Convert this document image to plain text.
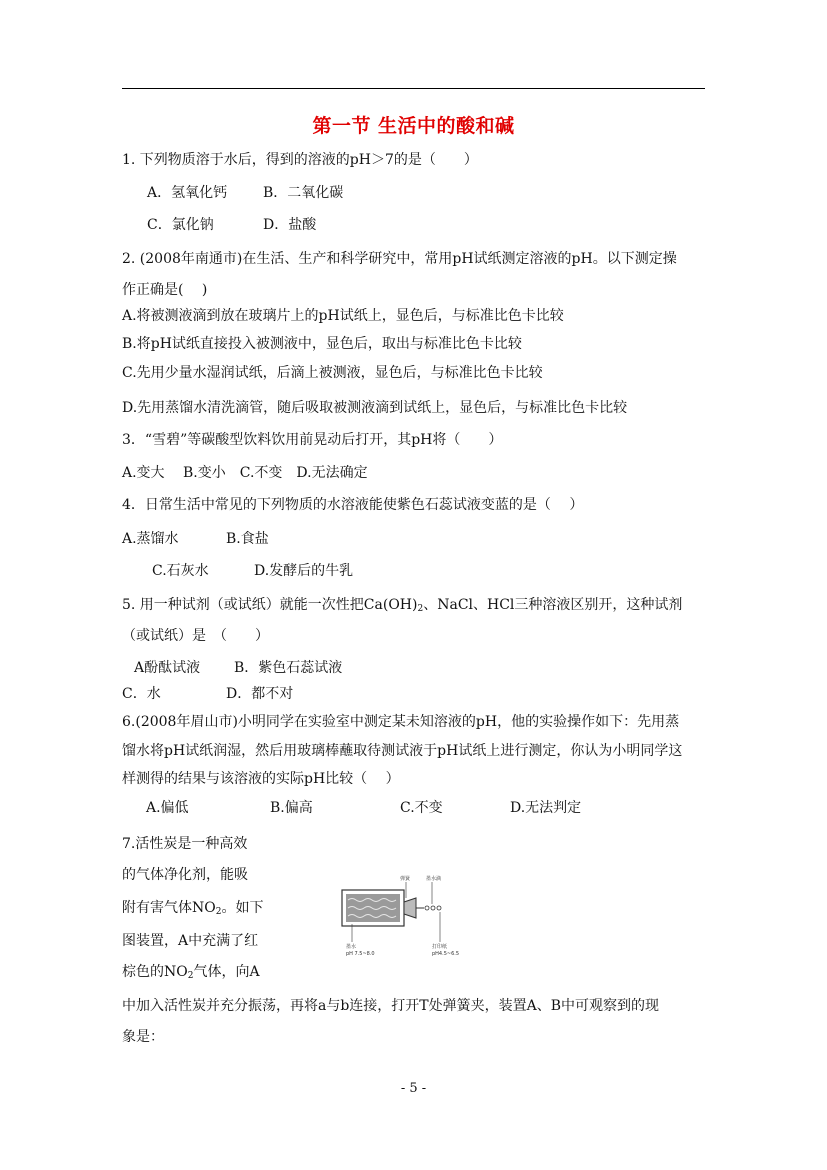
第一节 生活中的酸和碱
1. 下列物质溶于水后，得到的溶液的pH＞7的是（　　）
A．氢氧化钙	B．二氧化碳
C．氯化钠	D．盐酸
2. (2008年南通市)在生活、生产和科学研究中，常用pH试纸测定溶液的pH。以下测定操
作正确是(　 )
A.将被测液滴到放在玻璃片上的pH试纸上，显色后，与标准比色卡比较
B.将pH试纸直接投入被测液中，显色后，取出与标准比色卡比较
C.先用少量水湿润试纸，后滴上被测液，显色后，与标准比色卡比较
D.先用蒸馏水清洗滴管，随后吸取被测液滴到试纸上，显色后，与标准比色卡比较
3．“雪碧”等碳酸型饮料饮用前晃动后打开，其pH将（　　）
A.变大　 B.变小　C.不变　D.无法确定
4．日常生活中常见的下列物质的水溶液能使紫色石蕊试液变蓝的是（　 ）
A.蒸馏水	B.食盐
C.石灰水	D.发酵后的牛乳
5. 用一种试剂（或试纸）就能一次性把$Ca(OH)_2$、NaCl、HCl三种溶液区别开，这种试剂
（或试纸）是　（　　）
A酚酞试液 B．紫色石蕊试液
C．水	D．都不对
6.(2008年眉山市)小明同学在实验室中测定某未知溶液的pH，他的实验操作如下：先用蒸
馏水将pH试纸润湿，然后用玻璃棒蘸取待测试液于pH试纸上进行测定，你认为小明同学这
样测得的结果与该溶液的实际pH比较（　 ）
A.偏低	B.偏高	C.不变	D.无法判定
7.活性炭是一种高效
的气体净化剂，能吸
附有害气体$NO_2$。如下
图装置，A中充满了红
棕色的$NO_2$气体，向A
中加入活性炭并充分振荡，再将a与b连接，打开T处弹簧夹，装置A、B中可观察到的现
象是：
弹簧	墨水滴
墨水
pH 7.5~8.0
打印纸
pH4.5~6.5
- 5 -
